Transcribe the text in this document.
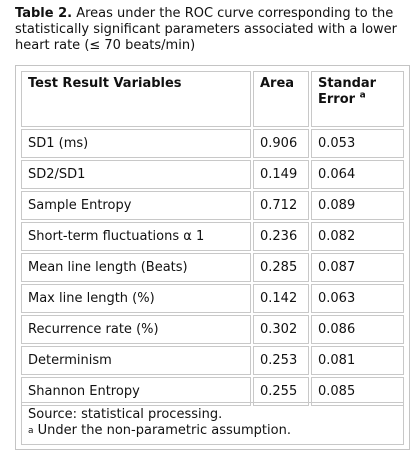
Table 2. Areas under the ROC curve corresponding to the statistically significant parameters associated with a lower heart rate (≤ 70 beats/min)
Test Result Variables	Area	Standar
Error $^a$
SD1 (ms)	0.906	0.053
SD2/SD1	0.149	0.064
Sample Entropy	0.712	0.089
Short-term fluctuations α 1	0.236	0.082
Mean line length (Beats)	0.285	0.087
Max line length (%)	0.142	0.063
Recurrence rate (%)	0.302	0.086
Determinism	0.253	0.081
Shannon Entropy	0.255	0.085
Source: statistical processing.
$^a$ Under the non-parametric assumption.
